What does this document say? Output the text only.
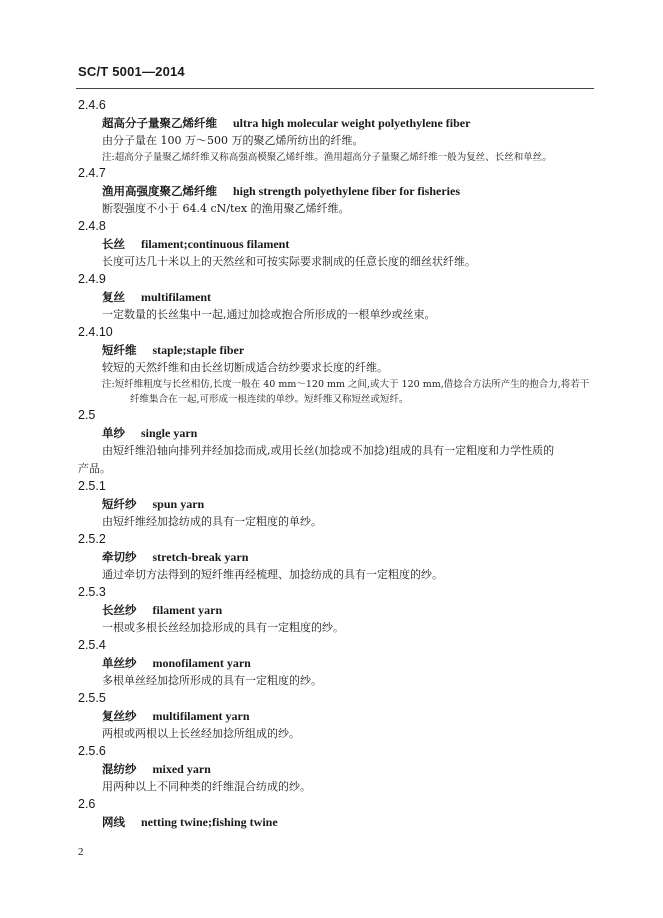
SC/T 5001—2014
2.4.6
超高分子量聚乙烯纤维 ultra high molecular weight polyethylene fiber
由分子量在 100 万～500 万的聚乙烯所纺出的纤维。
注:超高分子量聚乙烯纤维又称高强高模聚乙烯纤维。渔用超高分子量聚乙烯纤维一般为复丝、长丝和单丝。
2.4.7
渔用高强度聚乙烯纤维 high strength polyethylene fiber for fisheries
断裂强度不小于 64.4 cN/tex 的渔用聚乙烯纤维。
2.4.8
长丝 filament;continuous filament
长度可达几十米以上的天然丝和可按实际要求制成的任意长度的细丝状纤维。
2.4.9
复丝 multifilament
一定数量的长丝集中一起,通过加捻或抱合所形成的一根单纱或丝束。
2.4.10
短纤维 staple;staple fiber
较短的天然纤维和由长丝切断成适合纺纱要求长度的纤维。
注:短纤维粗度与长丝相仿,长度一般在 40 mm～120 mm 之间,或大于 120 mm,借捻合方法所产生的抱合力,将若干纤维集合在一起,可形成一根连续的单纱。短纤维又称短丝或短纤。
2.5
单纱 single yarn
由短纤维沿轴向排列并经加捻而成,或用长丝(加捻或不加捻)组成的具有一定粗度和力学性质的
产品。
2.5.1
短纤纱 spun yarn
由短纤维经加捻纺成的具有一定粗度的单纱。
2.5.2
牵切纱 stretch-break yarn
通过牵切方法得到的短纤维再经梳理、加捻纺成的具有一定粗度的纱。
2.5.3
长丝纱 filament yarn
一根或多根长丝经加捻形成的具有一定粗度的纱。
2.5.4
单丝纱 monofilament yarn
多根单丝经加捻所形成的具有一定粗度的纱。
2.5.5
复丝纱 multifilament yarn
两根或两根以上长丝经加捻所组成的纱。
2.5.6
混纺纱 mixed yarn
用两种以上不同种类的纤维混合纺成的纱。
2.6
网线 netting twine;fishing twine
2
